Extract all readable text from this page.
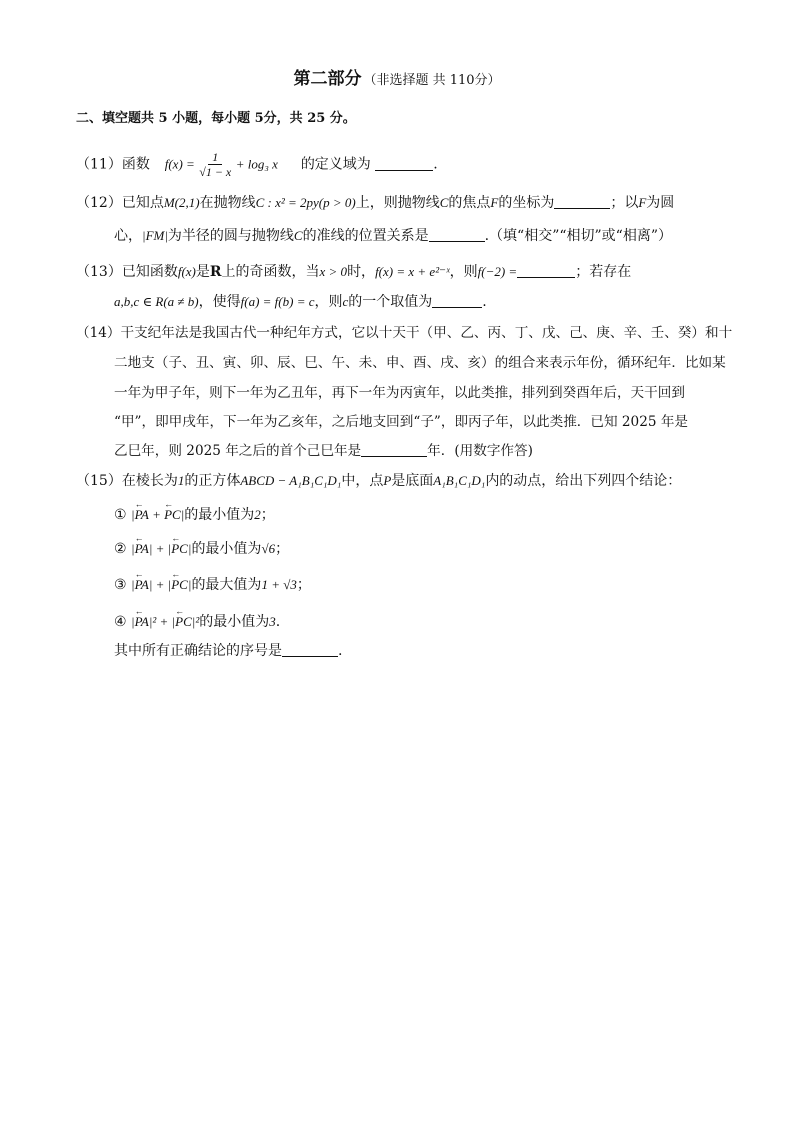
第二部分 （非选择题 共 110分）
二、填空题共 5 小题，每小题 5分，共 25 分。
（11）函数 $f(x) = \frac{1}{√1 - x} + \log_3$ x 的定义域为	.
（12）已知点M(2,1)在抛物线C : x² = 2py(p > 0)上，则抛物线C的焦点F的坐标为	；以F为圆
心，|FM|为半径的圆与抛物线C的准线的位置关系是	.（填“相交”“相切”或“相离”）
（13）已知函数f(x)是R上的奇函数，当x > 0时，f(x) = x + e²⁻ˣ，则f(−2) =	；若存在
a,b,c ∈ R(a ≠ b)，使得f(a) = f(b) = c，则c的一个取值为	.
（14）干支纪年法是我国古代一种纪年方式，它以十天干（甲、乙、丙、丁、戊、己、庚、辛、壬、癸）和十
二地支（子、丑、寅、卯、辰、巳、午、未、申、酉、戌、亥）的组合来表示年份，循环纪年．比如某
一年为甲子年，则下一年为乙丑年，再下一年为丙寅年，以此类推，排列到癸酉年后，天干回到
“甲”，即甲戌年，下一年为乙亥年，之后地支回到“子”，即丙子年，以此类推．已知 2025 年是
乙巳年，则 2025 年之后的首个己巳年是	年．(用数字作答)
（15）在棱长为1的正方体ABCD − A₁B₁C₁D₁中，点P是底面A₁B₁C₁D₁内的动点，给出下列四个结论：
① |← PA + ← PC|的最小值为2；
② |← PA| + |← PC|的最小值为√6；
③ |← PA| + |← PC|的最大值为1 + √3；
④ |← PA|² + |← PC|²的最小值为3.
其中所有正确结论的序号是	.
